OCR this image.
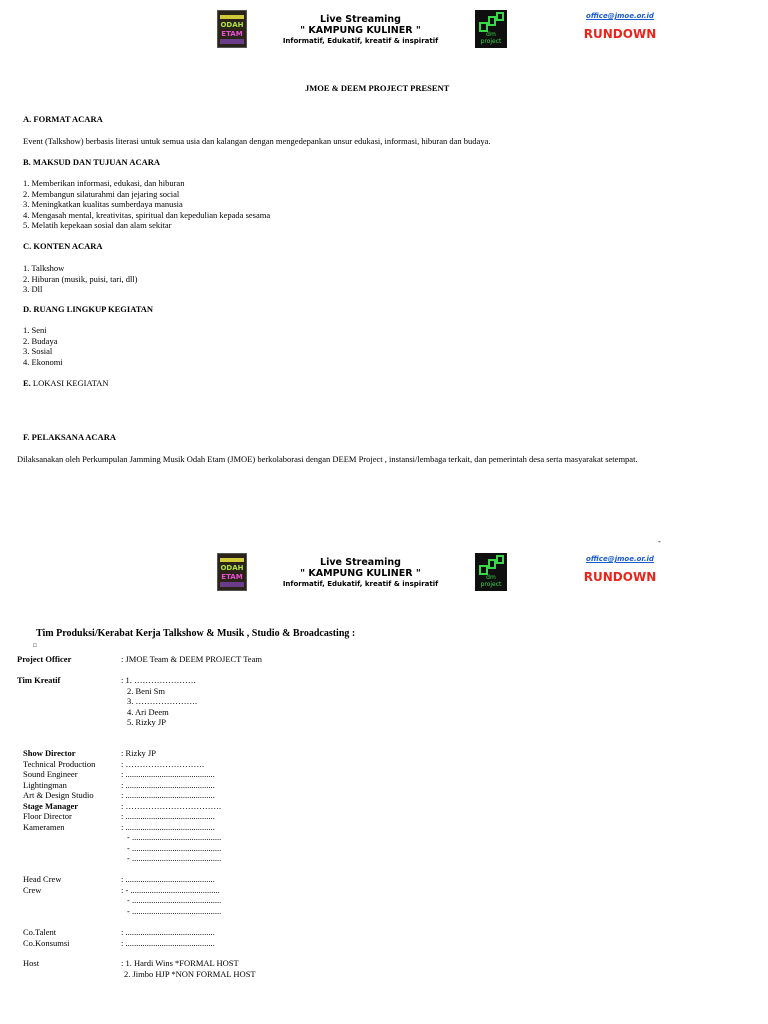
ODAH
ETAM
Live Streaming
" KAMPUNG KULINER "
Informatif, Edukatif, kreatif & inspiratif
dm project
office@jmoe.or.id
RUNDOWN
JMOE & DEEM PROJECT PRESENT
A. FORMAT ACARA
Event (Talkshow) berbasis literasi untuk semua usia dan kalangan dengan mengedepankan unsur edukasi, informasi, hiburan dan budaya.
B. MAKSUD DAN TUJUAN ACARA
1. Memberikan informasi, edukasi, dan hiburan
2. Membangun silaturahmi dan jejaring social
3. Meningkatkan kualitas sumberdaya manusia
4. Mengasah mental, kreativitas, spiritual dan kepedulian kepada sesama
5. Melatih kepekaan sosial dan alam sekitar
C. KONTEN ACARA
1. Talkshow
2. Hiburan (musik, puisi, tari, dll)
3. Dll
D. RUANG LINGKUP KEGIATAN
1. Seni
2. Budaya
3. Sosial
4. Ekonomi
E. LOKASI KEGIATAN
F. PELAKSANA ACARA
Dilaksanakan oleh Perkumpulan Jamming Musik Odah Etam (JMOE) berkolaborasi dengan DEEM Project , instansi/lembaga terkait, dan pemerintah desa serta masyarakat setempat.
-
ODAH
ETAM
Live Streaming
" KAMPUNG KULINER "
Informatif, Edukatif, kreatif & inspiratif
dm project
office@jmoe.or.id
RUNDOWN
Tim Produksi/Kerabat Kerja Talkshow & Musik , Studio & Broadcasting :
□
Project Officer	: JMOE Team & DEEM PROJECT Team
Tim Kreatif	: 1. ………………….
2. Beni Sm
3. ………………….
4. Ari Deem
5. Rizky JP
Show Director	: Rizky JP
Technical Production	: ……………………….
Sound Engineer	: ..........................................
Lightingman	: ..........................................
Art & Design Studio	: ..........................................
Stage Manager	: …………………………….
Floor Director	: ..........................................
Kameramen	: ..........................................
- ..........................................
- ..........................................
- ..........................................
Head Crew	: ..........................................
Crew	: - ..........................................
- ..........................................
- ..........................................
Co.Talent	: ..........................................
Co.Konsumsi	: ..........................................
Host	: 1. Hardi Wins *FORMAL HOST
2. Jimbo HJP *NON FORMAL HOST
